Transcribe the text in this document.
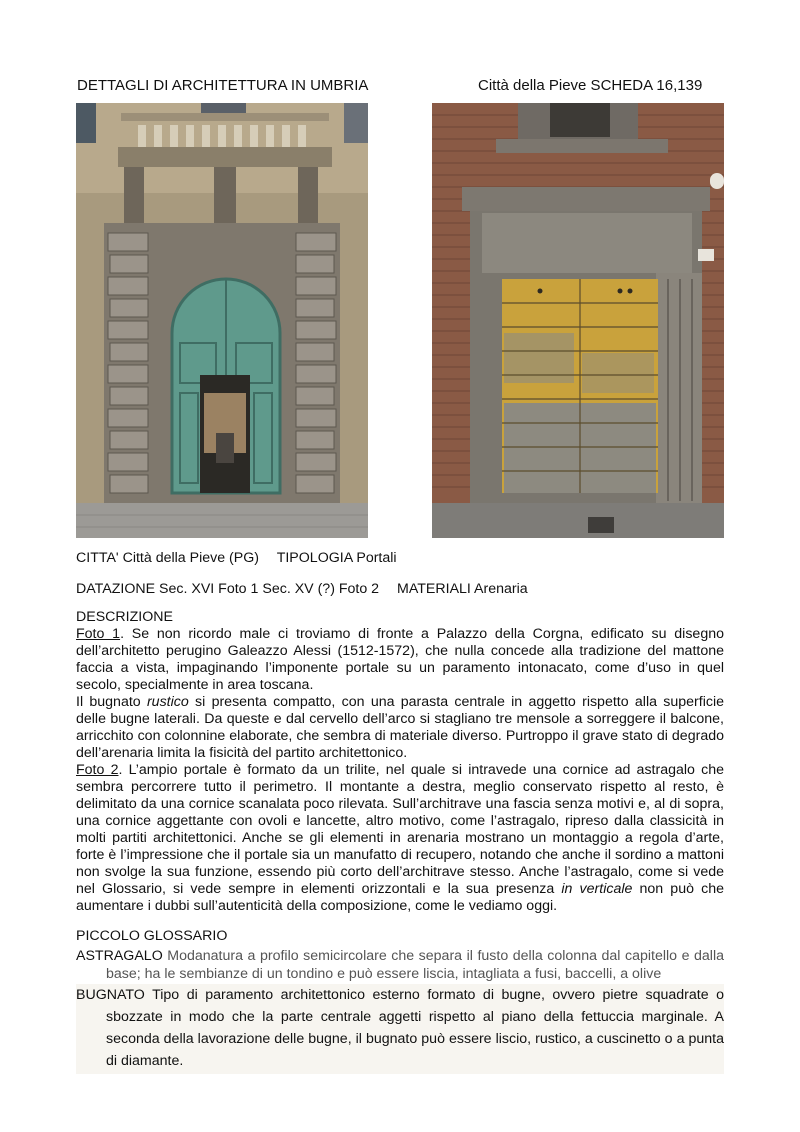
DETTAGLI DI ARCHITETTURA IN UMBRIA	Città della Pieve SCHEDA 16,139
CITTA' Città della Pieve (PG) TIPOLOGIA Portali
DATAZIONE Sec. XVI Foto 1 Sec. XV (?) Foto 2 MATERIALI Arenaria

DESCRIZIONE

Foto 1. Se non ricordo male ci troviamo di fronte a Palazzo della Corgna, edificato su disegno dell’architetto perugino Galeazzo Alessi (1512-1572), che nulla concede alla tradizione del mattone faccia a vista, impaginando l’imponente portale su un paramento intonacato, come d’uso in quel secolo, specialmente in area toscana.

Il bugnato rustico si presenta compatto, con una parasta centrale in aggetto rispetto alla superficie delle bugne laterali. Da queste e dal cervello dell’arco si stagliano tre mensole a sorreggere il balcone, arricchito con colonnine elaborate, che sembra di materiale diverso. Purtroppo il grave stato di degrado dell’arenaria limita la fisicità del partito architettonico.

Foto 2. L’ampio portale è formato da un trilite, nel quale si intravede una cornice ad astragalo che sembra percorrere tutto il perimetro. Il montante a destra, meglio conservato rispetto al resto, è delimitato da una cornice scanalata poco rilevata. Sull’architrave una fascia senza motivi e, al di sopra, una cornice aggettante con ovoli e lancette, altro motivo, come l’astragalo, ripreso dalla classicità in molti partiti architettonici. Anche se gli elementi in arenaria mostrano un montaggio a regola d’arte, forte è l’impressione che il portale sia un manufatto di recupero, notando che anche il sordino a mattoni non svolge la sua funzione, essendo più corto dell’architrave stesso. Anche l’astragalo, come si vede nel Glossario, si vede sempre in elementi orizzontali e la sua presenza in verticale non può che aumentare i dubbi sull’autenticità della composizione, come le vediamo oggi.

PICCOLO GLOSSARIO

ASTRAGALO Modanatura a profilo semicircolare che separa il fusto della colonna dal capitello e dalla base; ha le sembianze di un tondino e può essere liscia, intagliata a fusi, baccelli, a olive

BUGNATO Tipo di paramento architettonico esterno formato di bugne, ovvero pietre squadrate o sbozzate in modo che la parte centrale aggetti rispetto al piano della fettuccia marginale. A seconda della lavorazione delle bugne, il bugnato può essere liscio, rustico, a cuscinetto o a punta di diamante.
